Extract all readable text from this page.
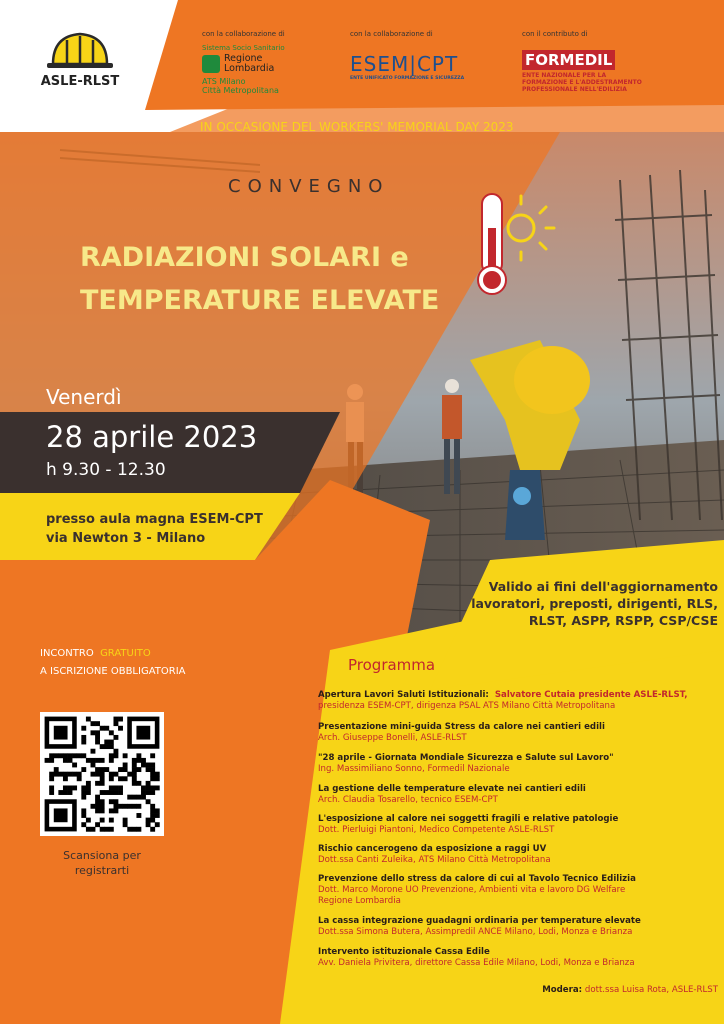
ASLE-RLST
con la collaborazione di
Sistema Socio Sanitario
Regione
Lombardia
ATS Milano
Città Metropolitana
con la collaborazione di
ESEM|CPT
ENTE UNIFICATO FORMAZIONE E SICUREZZA
con il contributo di
FORMEDIL
ENTE NAZIONALE PER LA
FORMAZIONE E L'ADDESTRAMENTO
PROFESSIONALE NELL'EDILIZIA
IN OCCASIONE DEL WORKERS' MEMORIAL DAY 2023
CONVEGNO
RADIAZIONI SOLARI e
TEMPERATURE ELEVATE
Venerdì
28 aprile 2023
h 9.30 - 12.30
presso aula magna ESEM-CPT
via Newton 3 - Milano
Valido ai fini dell'aggiornamento
lavoratori, preposti, dirigenti, RLS,
RLST, ASPP, RSPP, CSP/CSE
INCONTRO GRATUITO
A ISCRIZIONE OBBLIGATORIA
Scansiona per
registrarti
Programma
Apertura Lavori Saluti Istituzionali: Salvatore Cutaia presidente ASLE-RLST,
presidenza ESEM-CPT, dirigenza PSAL ATS Milano Città Metropolitana
Presentazione mini-guida Stress da calore nei cantieri edili
Arch. Giuseppe Bonelli, ASLE-RLST
"28 aprile - Giornata Mondiale Sicurezza e Salute sul Lavoro"
Ing. Massimiliano Sonno, Formedil Nazionale
La gestione delle temperature elevate nei cantieri edili
Arch. Claudia Tosarello, tecnico ESEM-CPT
L'esposizione al calore nei soggetti fragili e relative patologie
Dott. Pierluigi Piantoni, Medico Competente ASLE-RLST
Rischio cancerogeno da esposizione a raggi UV
Dott.ssa Canti Zuleika, ATS Milano Città Metropolitana
Prevenzione dello stress da calore di cui al Tavolo Tecnico Edilizia
Dott. Marco Morone UO Prevenzione, Ambienti vita e lavoro DG Welfare
Regione Lombardia
La cassa integrazione guadagni ordinaria per temperature elevate
Dott.ssa Simona Butera, Assimpredil ANCE Milano, Lodi, Monza e Brianza
Intervento istituzionale Cassa Edile
Avv. Daniela Privitera, direttore Cassa Edile Milano, Lodi, Monza e Brianza
Modera: dott.ssa Luisa Rota, ASLE-RLST
